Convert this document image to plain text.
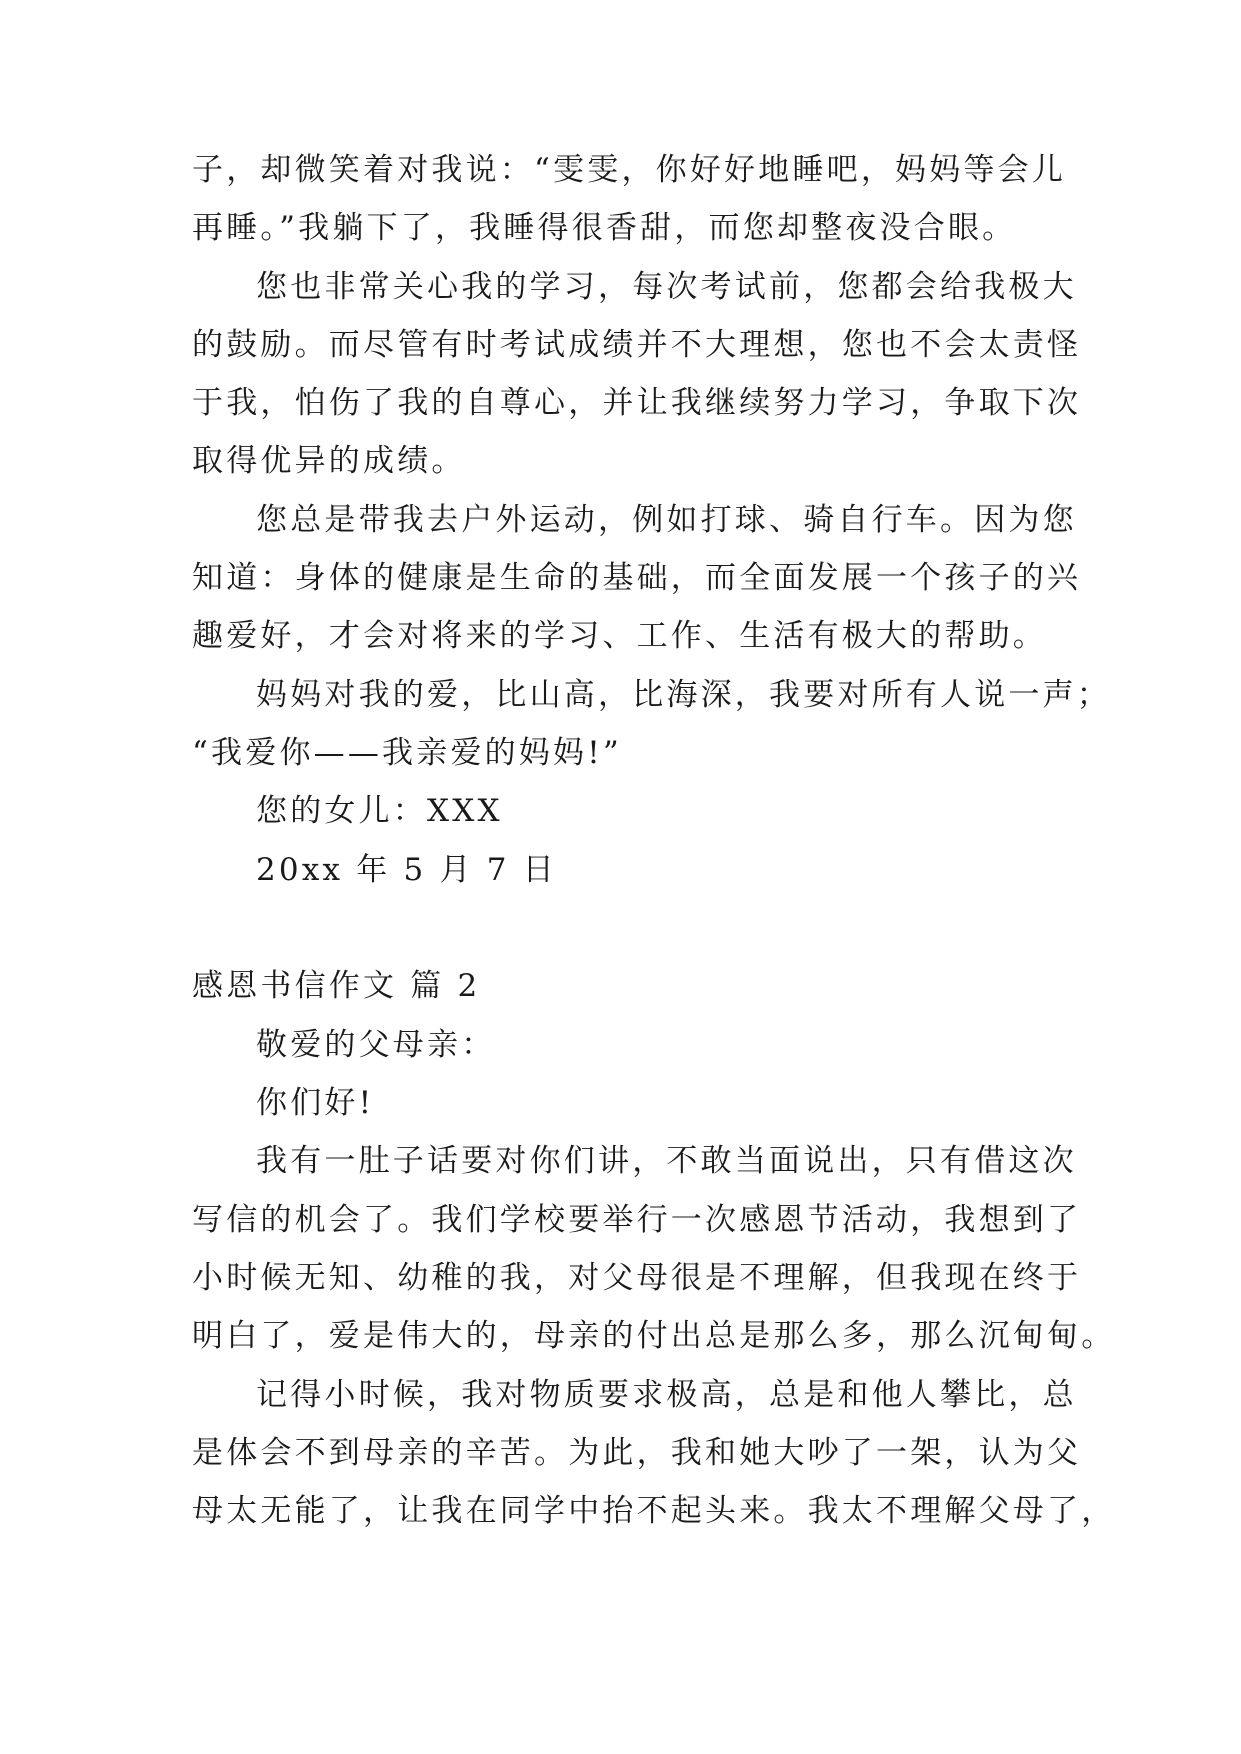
子，却微笑着对我说：“雯雯，你好好地睡吧，妈妈等会儿
再睡。”我躺下了，我睡得很香甜，而您却整夜没合眼。
您也非常关心我的学习，每次考试前，您都会给我极大
的鼓励。而尽管有时考试成绩并不大理想，您也不会太责怪
于我，怕伤了我的自尊心，并让我继续努力学习，争取下次
取得优异的成绩。
您总是带我去户外运动，例如打球、骑自行车。因为您
知道：身体的健康是生命的基础，而全面发展一个孩子的兴
趣爱好，才会对将来的学习、工作、生活有极大的帮助。
妈妈对我的爱，比山高，比海深，我要对所有人说一声；
“我爱你——我亲爱的妈妈!”
您的女儿：XXX
20xx 年 5 月 7 日
感恩书信作文 篇 2
敬爱的父母亲：
你们好!
我有一肚子话要对你们讲，不敢当面说出，只有借这次
写信的机会了。我们学校要举行一次感恩节活动，我想到了
小时候无知、幼稚的我，对父母很是不理解，但我现在终于
明白了，爱是伟大的，母亲的付出总是那么多，那么沉甸甸。
记得小时候，我对物质要求极高，总是和他人攀比，总
是体会不到母亲的辛苦。为此，我和她大吵了一架，认为父
母太无能了，让我在同学中抬不起头来。我太不理解父母了，
